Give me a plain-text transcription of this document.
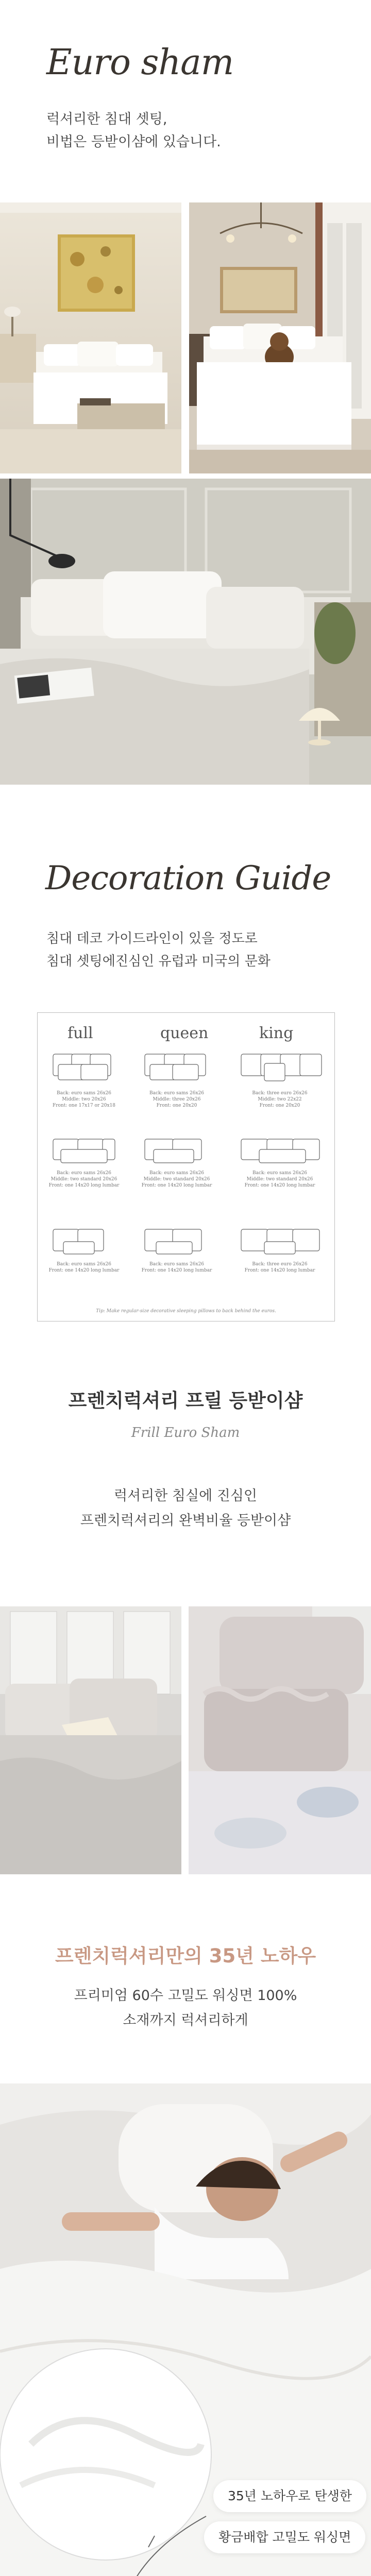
Euro sham
럭셔리한 침대 셋팅,
비법은 등받이샴에 있습니다.
Decoration Guide
침대 데코 가이드라인이 있을 정도로
침대 셋팅에진심인 유럽과 미국의 문화
full	queen	king
Back: euro sams 26x26
Middle: two 20x26
Front: one 17x17 or 20x18
Back: euro sams 26x26
Middle: three 20x26
Front: one 20x20
Back: three euro 26x26
Middle: two 22x22
Front: one 20x20
Back: euro sams 26x26
Middle: two standard 20x26
Front: one 14x20 long lumbar
Back: euro sams 26x26
Middle: two standard 20x26
Front: one 14x20 long lumbar
Back: euro sams 26x26
Middle: two standard 20x26
Front: one 14x20 long lumbar
Back: euro sams 26x26
Front: one 14x20 long lumbar
Back: euro sams 26x26
Front: one 14x20 long lumbar
Back: three euro 26x26
Front: one 14x20 long lumbar
Tip: Make regular-size decorative sleeping pillows to back behind the euros.
프렌치럭셔리 프릴 등받이샴
Frill Euro Sham
럭셔리한 침실에 진심인
프렌치럭셔리의 완벽비율 등받이샴
프렌치럭셔리만의 35년 노하우
프리미엄 60수 고밀도 워싱면 100%
소재까지 럭셔리하게
35년 노하우로 탄생한
황금배합 고밀도 워싱면
